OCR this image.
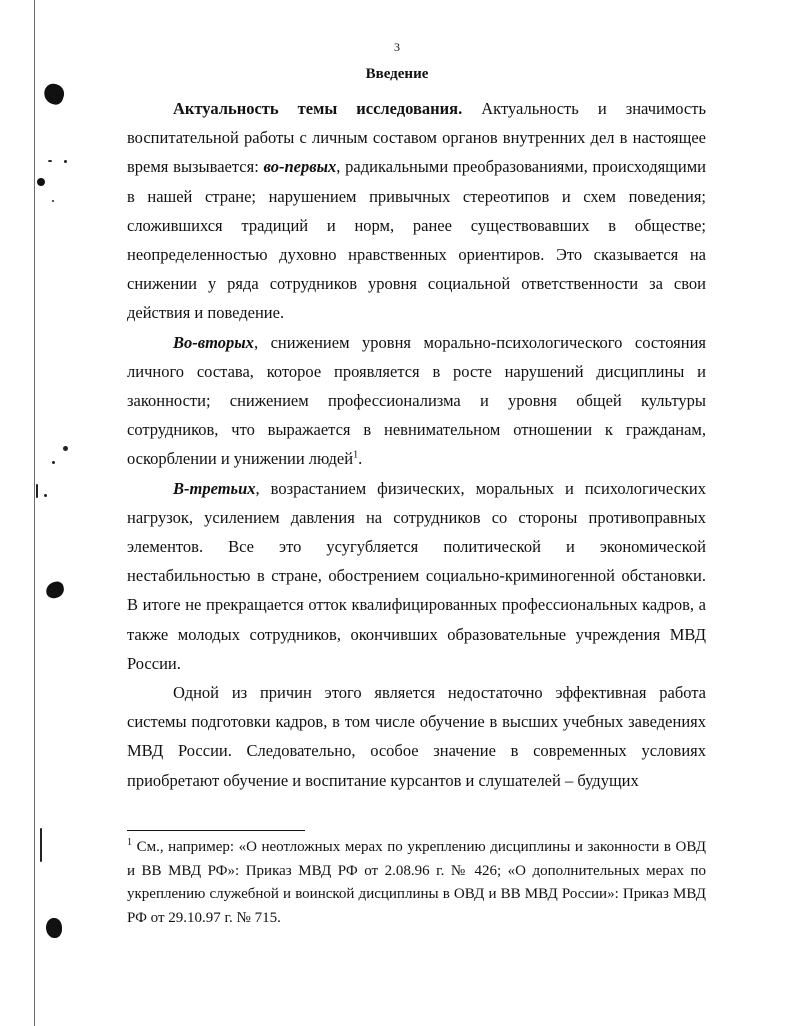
3
Введение

Актуальность темы исследования. Актуальность и значимость воспитательной работы с личным составом органов внутренних дел в настоящее время вызывается: во-первых, радикальными преобразованиями, происходящими в нашей стране; нарушением привычных стереотипов и схем поведения; сложившихся традиций и норм, ранее существовавших в обществе; неопределенностью духовно нравственных ориентиров. Это сказывается на снижении у ряда сотрудников уровня социальной ответственности за свои действия и поведение.

Во-вторых, снижением уровня морально-психологического состояния личного состава, которое проявляется в росте нарушений дисциплины и законности; снижением профессионализма и уровня общей культуры сотрудников, что выражается в невнимательном отношении к гражданам, оскорблении и унижении людей$^1$.

В-третьих, возрастанием физических, моральных и психологических нагрузок, усилением давления на сотрудников со стороны противоправных элементов. Все это усугубляется политической и экономической нестабильностью в стране, обострением социально-криминогенной обстановки. В итоге не прекращается отток квалифицированных профессиональных кадров, а также молодых сотрудников, окончивших образовательные учреждения МВД России.

Одной из причин этого является недостаточно эффективная работа системы подготовки кадров, в том числе обучение в высших учебных заведениях МВД России. Следовательно, особое значение в современных условиях приобретают обучение и воспитание курсантов и слушателей – будущих

$^1$ См., например: «О неотложных мерах по укреплению дисциплины и законности в ОВД и ВВ МВД РФ»: Приказ МВД РФ от 2.08.96 г. № 426; «О дополнительных мерах по укреплению служебной и воинской дисциплины в ОВД и ВВ МВД России»: Приказ МВД РФ от 29.10.97 г. № 715.
